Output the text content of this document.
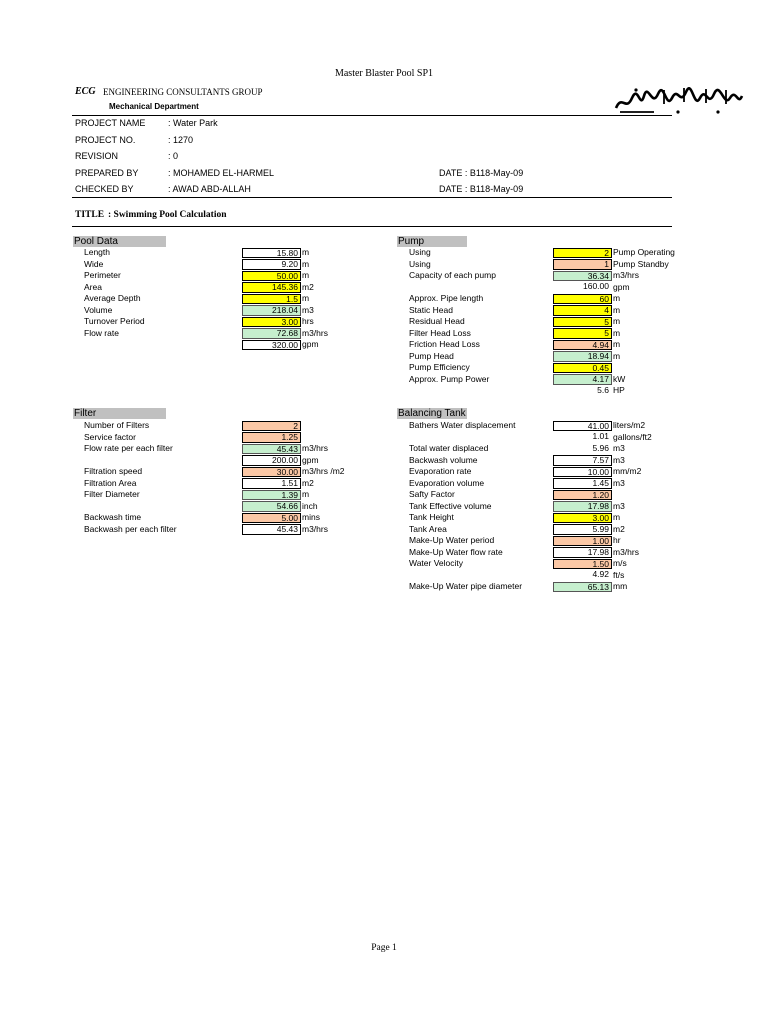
Master Blaster Pool SP1
ECG ENGINEERING CONSULTANTS GROUP
Mechanical Department
PROJECT NAME	: Water Park
PROJECT NO.	: 1270
REVISION	: 0
PREPARED BY	: MOHAMED EL-HARMEL	DATE : B118-May-09
CHECKED BY	: AWAD ABD-ALLAH	DATE : B118-May-09
TITLE : Swimming Pool Calculation
Pool Data	Pump
Filter	Balancing Tank
Length	15.80 m
Wide	9.20 m
Perimeter	50.00 m
Area	145.36 m2
Average Depth	1.5 m
Volume	218.04 m3
Turnover Period	3.00 hrs
Flow rate	72.68 m3/hrs
320.00 gpm
Using	2 Pump Operating
Using	1 Pump Standby
Capacity of each pump	36.34 m3/hrs
160.00 gpm
Approx. Pipe length	60 m
Static Head	4 m
Residual Head	5 m
Filter Head Loss	5 m
Friction Head Loss	4.94 m
Pump Head	18.94 m
Pump Efficiency	0.45
Approx. Pump Power	4.17 kW
5.6 HP
Number of Filters	2
Service factor	1.25
Flow rate per each filter	45.43 m3/hrs
200.00 gpm
Filtration speed	30.00 m3/hrs /m2
Filtration Area	1.51 m2
Filter Diameter	1.39 m
54.66 inch
Backwash time	5.00 mins
Backwash per each filter	45.43 m3/hrs
Bathers Water displacement	41.00 liters/m2
1.01 gallons/ft2
Total water displaced	5.96 m3
Backwash volume	7.57 m3
Evaporation rate	10.00 mm/m2
Evaporation volume	1.45 m3
Safty Factor	1.20
Tank Effective volume	17.98 m3
Tank Height	3.00 m
Tank Area	5.99 m2
Make-Up Water period	1.00 hr
Make-Up Water flow rate	17.98 m3/hrs
Water Velocity	1.50 m/s
4.92 ft/s
Make-Up Water pipe diameter	65.13 mm
Page 1
